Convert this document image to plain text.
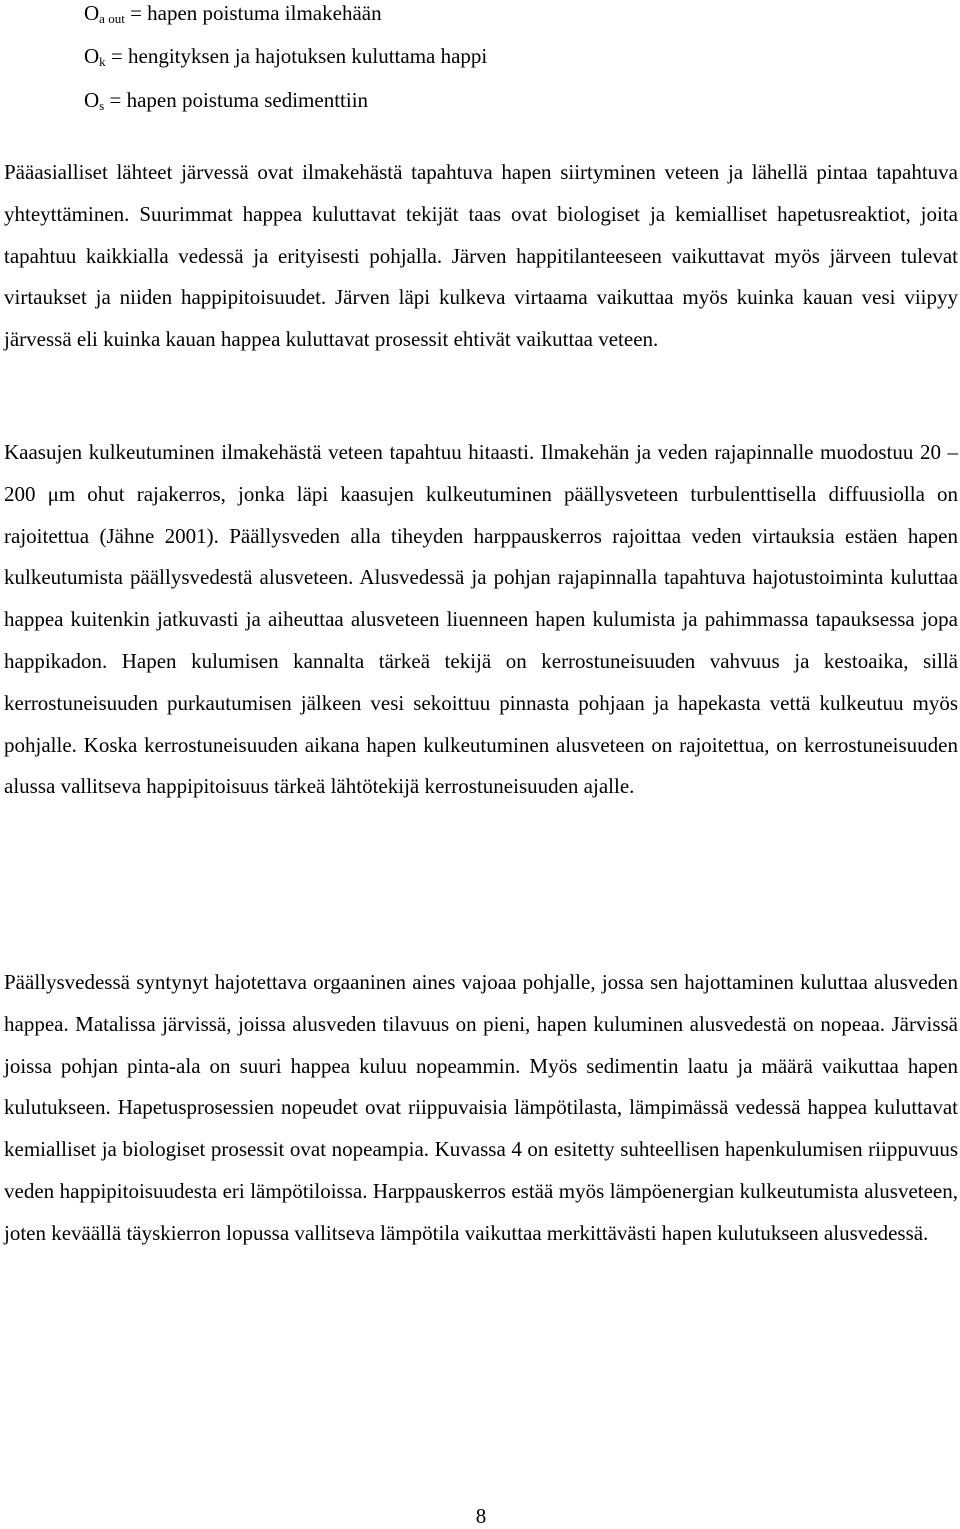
$O_{a out}$ = hapen poistuma ilmakehään
$O_k$ = hengityksen ja hajotuksen kuluttama happi
$O_s$ = hapen poistuma sedimenttiin

Pääasialliset lähteet järvessä ovat ilmakehästä tapahtuva hapen siirtyminen veteen ja lähellä pintaa tapahtuva yhteyttäminen. Suurimmat happea kuluttavat tekijät taas ovat biologiset ja kemialliset hapetusreaktiot, joita tapahtuu kaikkialla vedessä ja erityisesti pohjalla. Järven happitilanteeseen vaikuttavat myös järveen tulevat virtaukset ja niiden happipitoisuudet. Järven läpi kulkeva virtaama vaikuttaa myös kuinka kauan vesi viipyy järvessä eli kuinka kauan happea kuluttavat prosessit ehtivät vaikuttaa veteen.

Kaasujen kulkeutuminen ilmakehästä veteen tapahtuu hitaasti. Ilmakehän ja veden rajapinnalle muodostuu 20 – 200 μm ohut rajakerros, jonka läpi kaasujen kulkeutuminen päällysveteen turbulenttisella diffuusiolla on rajoitettua (Jähne 2001). Päällysveden alla tiheyden harppauskerros rajoittaa veden virtauksia estäen hapen kulkeutumista päällysvedestä alusveteen. Alusvedessä ja pohjan rajapinnalla tapahtuva hajotustoiminta kuluttaa happea kuitenkin jatkuvasti ja aiheuttaa alusveteen liuenneen hapen kulumista ja pahimmassa tapauksessa jopa happikadon. Hapen kulumisen kannalta tärkeä tekijä on kerrostuneisuuden vahvuus ja kestoaika, sillä kerrostuneisuuden purkautumisen jälkeen vesi sekoittuu pinnasta pohjaan ja hapekasta vettä kulkeutuu myös pohjalle. Koska kerrostuneisuuden aikana hapen kulkeutuminen alusveteen on rajoitettua, on kerrostuneisuuden alussa vallitseva happipitoisuus tärkeä lähtötekijä kerrostuneisuuden ajalle.

Päällysvedessä syntynyt hajotettava orgaaninen aines vajoaa pohjalle, jossa sen hajottaminen kuluttaa alusveden happea. Matalissa järvissä, joissa alusveden tilavuus on pieni, hapen kuluminen alusvedestä on nopeaa. Järvissä joissa pohjan pinta-ala on suuri happea kuluu nopeammin. Myös sedimentin laatu ja määrä vaikuttaa hapen kulutukseen. Hapetusprosessien nopeudet ovat riippuvaisia lämpötilasta, lämpimässä vedessä happea kuluttavat kemialliset ja biologiset prosessit ovat nopeampia. Kuvassa 4 on esitetty suhteellisen hapenkulumisen riippuvuus veden happipitoisuudesta eri lämpötiloissa. Harppauskerros estää myös lämpöenergian kulkeutumista alusveteen, joten keväällä täyskierron lopussa vallitseva lämpötila vaikuttaa merkittävästi hapen kulutukseen alusvedessä.

8
